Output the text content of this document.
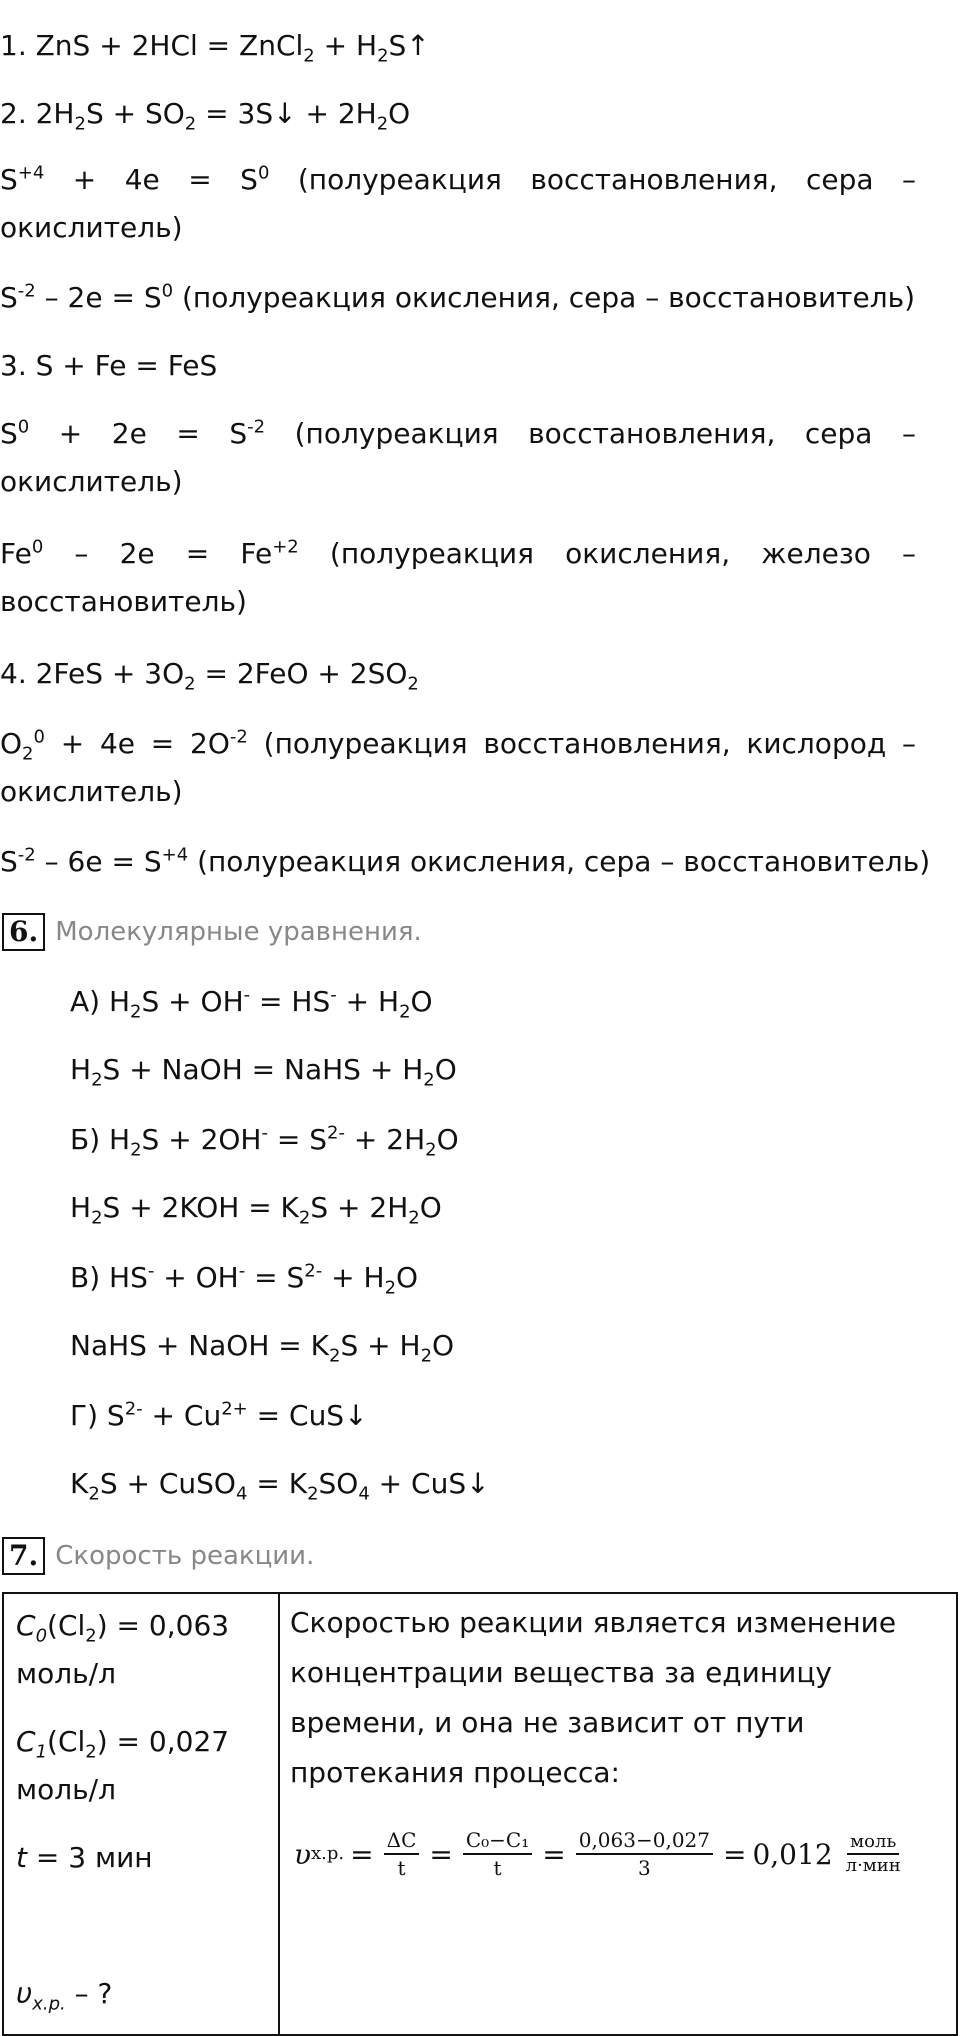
1. ZnS + 2HCl = ZnCl$_2$ + $H_2S↑$
2. $2H_2S + SO_2$ = 3S↓ + $2H_2O$
$S^{+4} + 4e = S^0$ (полуреакция восстановления, сера –
окислитель)
$S^{-2} - 2e = S^0$ (полуреакция окисления, сера – восстановитель)
3. S + Fe = FeS
$S^0 + 2e = S^{-2}$ (полуреакция восстановления, сера –
окислитель)
$Fe^0 - 2e = Fe^{+2}$ (полуреакция окисления, железо –
восстановитель)
4. $2FeS + 3O_2 = 2FeO + 2SO_2$
$O_2^0 + 4e = 2O^{-2}$ (полуреакция восстановления, кислород –
окислитель)
$S^{-2} - 6e = S^{+4}$ (полуреакция окисления, сера – восстановитель)
6. Молекулярные уравнения.
А) $H_2S + OH^- = HS^- + H_2O$
$H_2S$ + NaOH = NaHS + $H_2O$
Б) $H_2S + 2OH^- = S^{2-} + 2H_2O$
$H_2S + 2KOH = K_2S + 2H_2O$
В) $HS^- + OH^- = S^{2-} + H_2O$
NaHS + NaOH = $K_2S + H_2O$
Г) $S^{2-} + Cu^{2+}$ = CuS↓
$K_2S$ + CuSO$_4$ = $K_2SO_4$ + CuS↓
7. Скорость реакции.
$C_0(Cl_2) = 0,063$
моль/л
$C_1(Cl_2) = 0,027$
моль/л
t = 3 мин
$\upsilon_{х.р.}$ – ?

Скоростью реакции является изменение концентрации вещества за единицу времени, и она не зависит от пути протекания процесса:
υ х.р. = $\frac{\Delta C}{t} = \frac{\text{C₀−C₁}}{t} = \frac{0,063-0,027}{3} = 0,012 \frac{\text{моль}}{\text{л·мин}}$
